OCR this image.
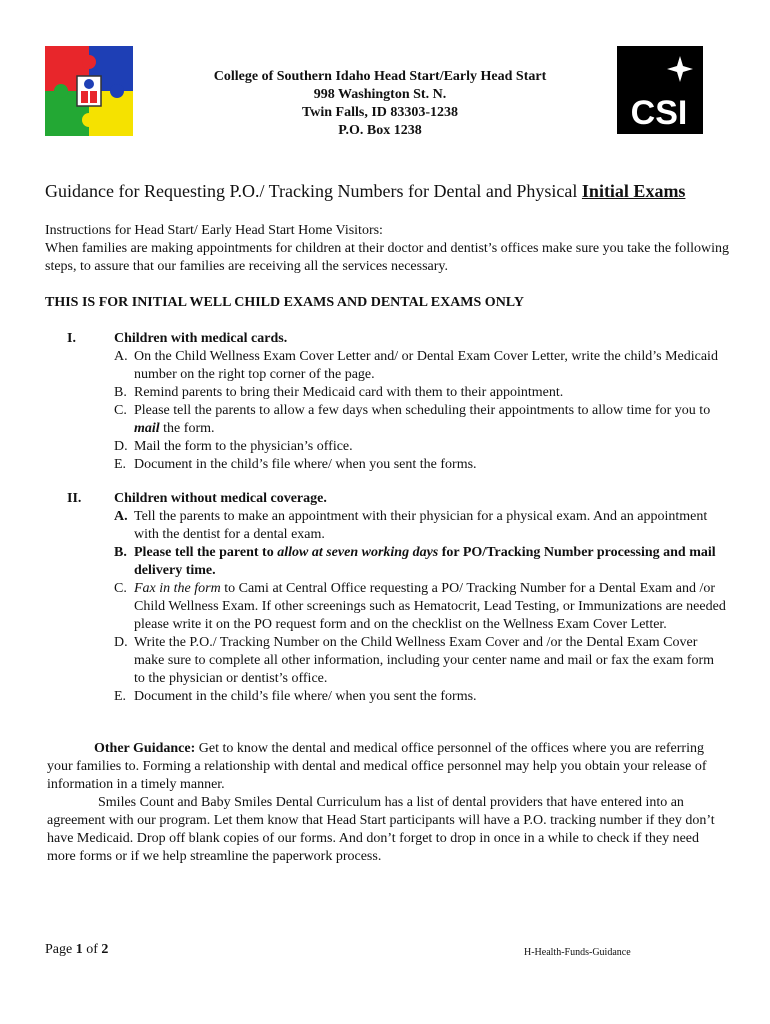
College of Southern Idaho Head Start/Early Head Start
998 Washington St. N.
Twin Falls, ID 83303-1238
P.O. Box 1238	CSI
Guidance for Requesting P.O./ Tracking Numbers for Dental and Physical Initial Exams

Instructions for Head Start/ Early Head Start Home Visitors:

When families are making appointments for children at their doctor and dentist’s offices make sure you take the following steps, to assure that our families are receiving all the services necessary.

THIS IS FOR INITIAL WELL CHILD EXAMS AND DENTAL EXAMS ONLY
I.	Children with medical cards.
A. On the Child Wellness Exam Cover Letter and/ or Dental Exam Cover Letter, write the child’s Medicaid number on the right top corner of the page.
B. Remind parents to bring their Medicaid card with them to their appointment.
C. Please tell the parents to allow a few days when scheduling their appointments to allow time for you to mail the form.
D. Mail the form to the physician’s office.
E. Document in the child’s file where/ when you sent the forms.
II. Children without medical coverage.
A. Tell the parents to make an appointment with their physician for a physical exam. And an appointment with the dentist for a dental exam.
B. Please tell the parent to allow at seven working days for PO/Tracking Number processing and mail delivery time.
C. Fax in the form to Cami at Central Office requesting a PO/ Tracking Number for a Dental Exam and /or Child Wellness Exam. If other screenings such as Hematocrit, Lead Testing, or Immunizations are needed please write it on the PO request form and on the checklist on the Wellness Exam Cover Letter.
D. Write the P.O./ Tracking Number on the Child Wellness Exam Cover and /or the Dental Exam Cover make sure to complete all other information, including your center name and mail or fax the exam form to the physician or dentist’s office.
E. Document in the child’s file where/ when you sent the forms.

Other Guidance: Get to know the dental and medical office personnel of the offices where you are referring your families to. Forming a relationship with dental and medical office personnel may help you obtain your release of information in a timely manner.

Smiles Count and Baby Smiles Dental Curriculum has a list of dental providers that have entered into an agreement with our program. Let them know that Head Start participants will have a P.O. tracking number if they don’t have Medicaid. Drop off blank copies of our forms. And don’t forget to drop in once in a while to check if they need more forms or if we help streamline the paperwork process.

Page 1 of 2	H-Health-Funds-Guidance
